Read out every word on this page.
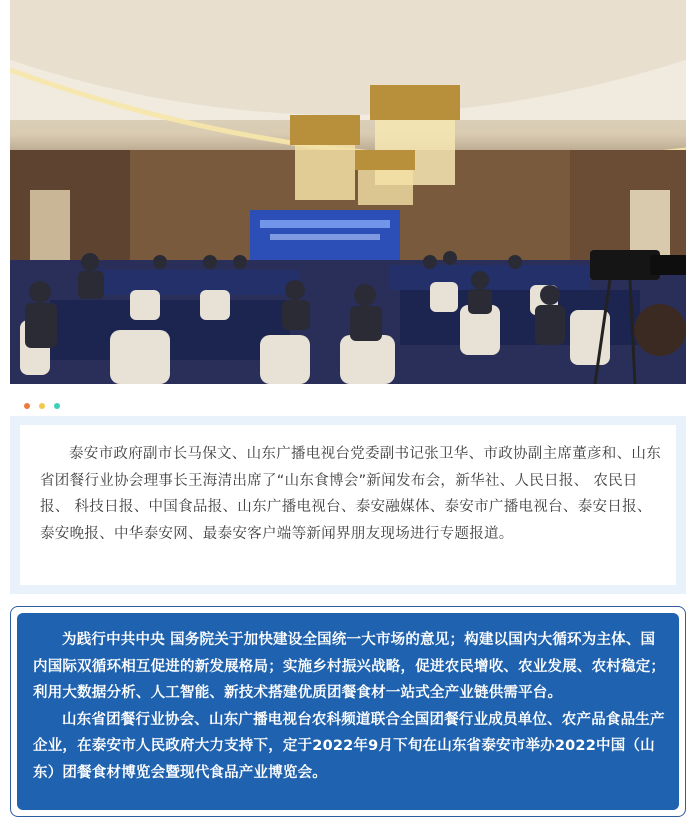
泰安市政府副市长马保文、山东广播电视台党委副书记张卫华、市政协副主席董彦和、山东省团餐行业协会理事长王海清出席了“山东食博会”新闻发布会，新华社、人民日报、 农民日报、 科技日报、中国食品报、山东广播电视台、泰安融媒体、泰安市广播电视台、泰安日报、泰安晚报、中华泰安网、最泰安客户端等新闻界朋友现场进行专题报道。

为践行中共中央 国务院关于加快建设全国统一大市场的意见；构建以国内大循环为主体、国内国际双循环相互促进的新发展格局；实施乡村振兴战略，促进农民增收、农业发展、农村稳定；利用大数据分析、人工智能、新技术搭建优质团餐食材一站式全产业链供需平台。

山东省团餐行业协会、山东广播电视台农科频道联合全国团餐行业成员单位、农产品食品生产企业，在泰安市人民政府大力支持下，定于2022年9月下旬在山东省泰安市举办2022中国（山东）团餐食材博览会暨现代食品产业博览会。
